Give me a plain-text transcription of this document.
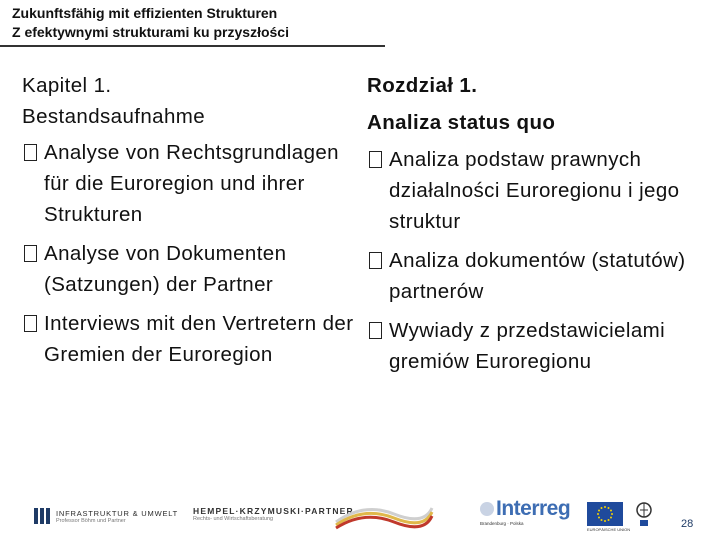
Zukunftsfähig mit effizienten Strukturen
Z efektywnymi strukturami ku przyszłości
Kapitel 1.
Bestandsaufnahme
Analyse von Rechtsgrundlagen für die Euroregion und ihrer Strukturen
Analyse von Dokumenten (Satzungen) der Partner
Interviews mit den Vertretern der Gremien der Euroregion
Rozdział 1.
Analiza status quo
Analiza podstaw prawnych działalności Euroregionu i jego struktur
Analiza dokumentów (statutów) partnerów
Wywiady z przedstawicielami gremiów Euroregionu
INFRASTRUKTUR & UMWELT
Professor Böhm und Partner
HEMPEL·KRZYMUSKI·PARTNER
Rechts- und Wirtschaftsberatung	Interreg
Brandenburg · Polska
EUROPÄISCHE UNION	28
